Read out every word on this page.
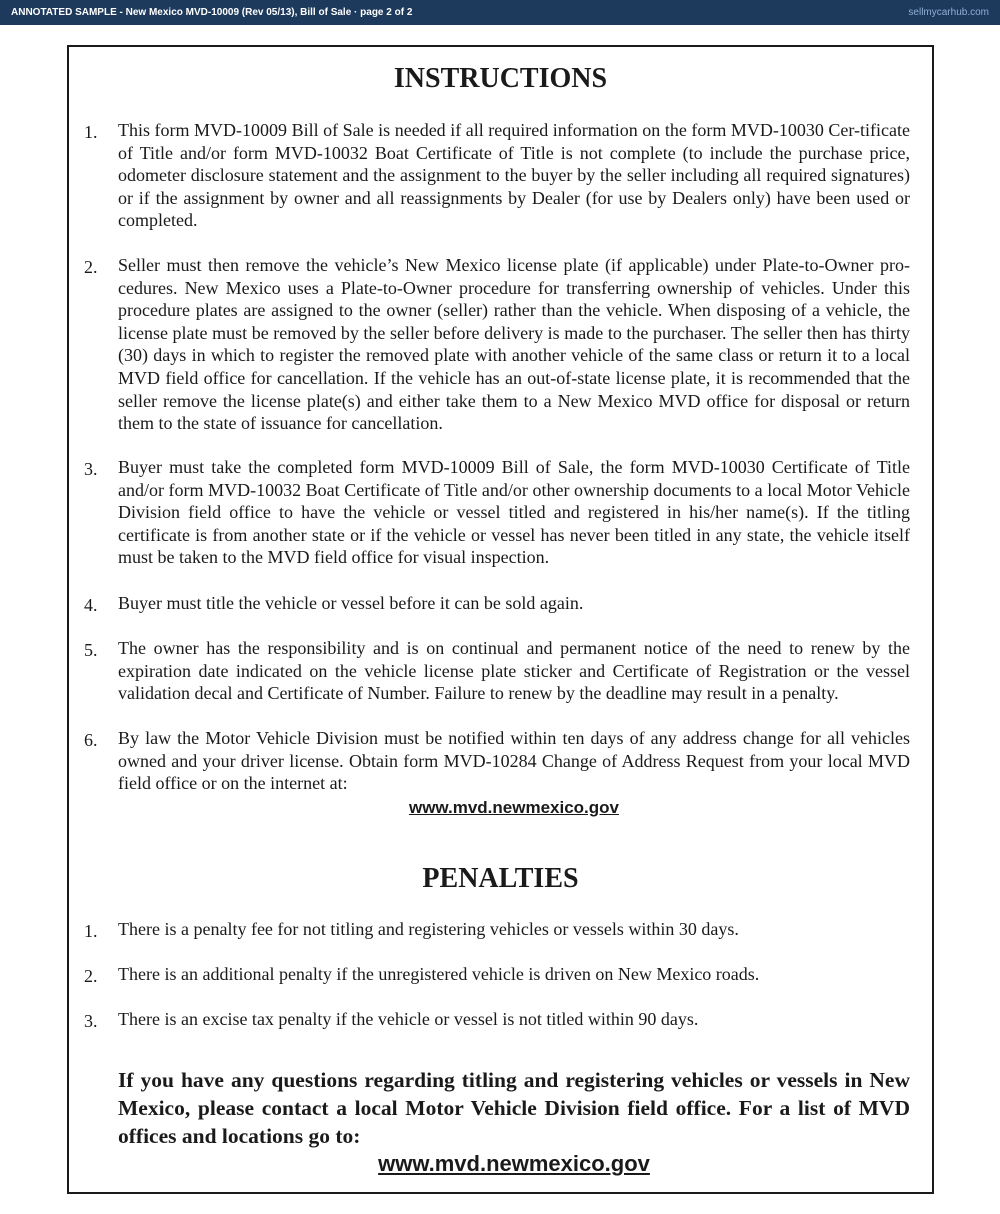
ANNOTATED SAMPLE - New Mexico MVD-10009 (Rev 05/13), Bill of Sale · page 2 of 2	sellmycarhub.com
INSTRUCTIONS
1.	This form MVD-10009 Bill of Sale is needed if all required information on the form MVD-10030 Cer-tificate of Title and/or form MVD-10032 Boat Certificate of Title is not complete (to include the purchase price, odometer disclosure statement and the assignment to the buyer by the seller including all required signatures) or if the assignment by owner and all reassignments by Dealer (for use by Dealers only) have been used or completed.
2.	Seller must then remove the vehicle’s New Mexico license plate (if applicable) under Plate-to-Owner pro-cedures. New Mexico uses a Plate-to-Owner procedure for transferring ownership of vehicles. Under this procedure plates are assigned to the owner (seller) rather than the vehicle. When disposing of a vehicle, the license plate must be removed by the seller before delivery is made to the purchaser. The seller then has thirty (30) days in which to register the removed plate with another vehicle of the same class or return it to a local MVD field office for cancellation. If the vehicle has an out-of-state license plate, it is recommended that the seller remove the license plate(s) and either take them to a New Mexico MVD office for disposal or return them to the state of issuance for cancellation.
3.	Buyer must take the completed form MVD-10009 Bill of Sale, the form MVD-10030 Certificate of Title and/or form MVD-10032 Boat Certificate of Title and/or other ownership documents to a local Motor Vehicle Division field office to have the vehicle or vessel titled and registered in his/her name(s). If the titling certificate is from another state or if the vehicle or vessel has never been titled in any state, the vehicle itself must be taken to the MVD field office for visual inspection.
4.	Buyer must title the vehicle or vessel before it can be sold again.
5.	The owner has the responsibility and is on continual and permanent notice of the need to renew by the expiration date indicated on the vehicle license plate sticker and Certificate of Registration or the vessel validation decal and Certificate of Number. Failure to renew by the deadline may result in a penalty.
6.	By law the Motor Vehicle Division must be notified within ten days of any address change for all vehicles owned and your driver license. Obtain form MVD-10284 Change of Address Request from your local MVD field office or on the internet at:
www.mvd.newmexico.gov
PENALTIES
1.	There is a penalty fee for not titling and registering vehicles or vessels within 30 days.
2.	There is an additional penalty if the unregistered vehicle is driven on New Mexico roads.
3.	There is an excise tax penalty if the vehicle or vessel is not titled within 90 days.
If you have any questions regarding titling and registering vehicles or vessels in New Mexico, please contact a local Motor Vehicle Division field office. For a list of MVD offices and locations go to:
www.mvd.newmexico.gov
